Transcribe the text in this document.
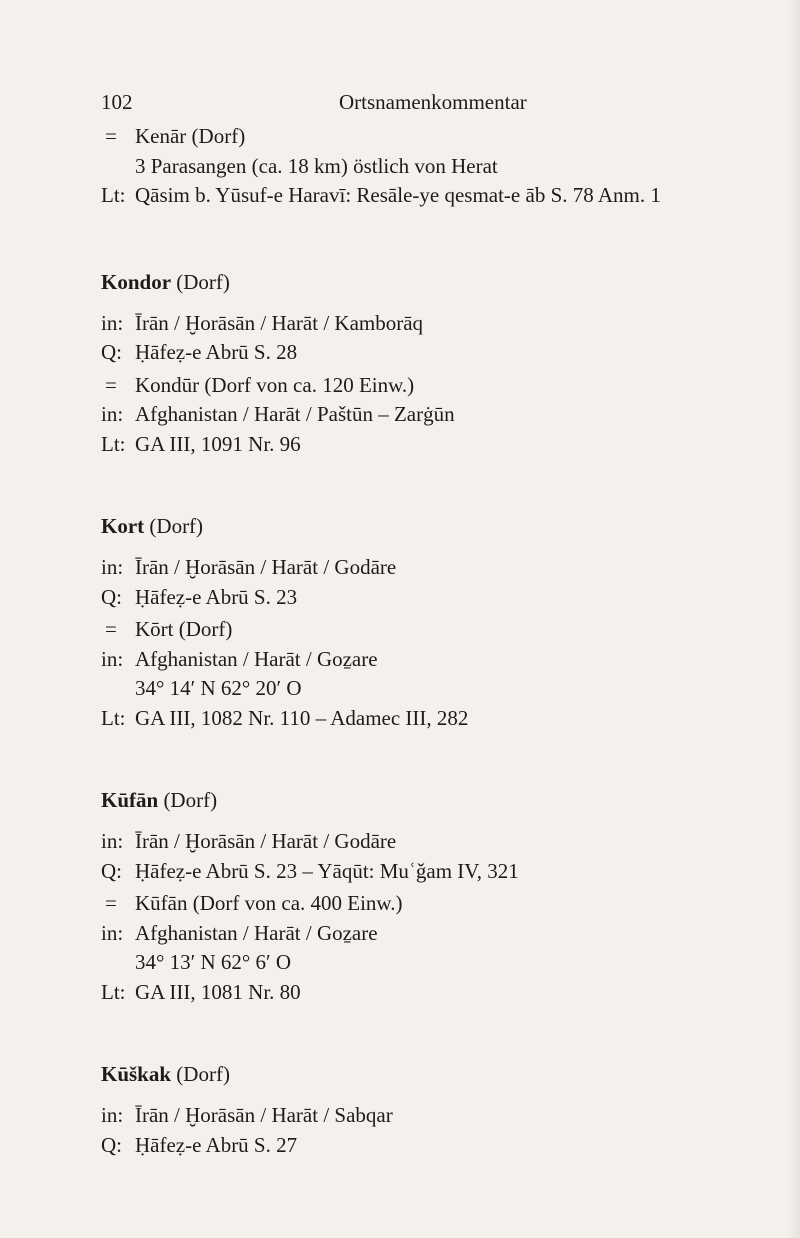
102	Ortsnamenkommentar
= Kenār (Dorf)
3 Parasangen (ca. 18 km) östlich von Herat
Lt: Qāsim b. Yūsuf-e Haravī: Resāle-ye qesmat-e āb S. 78 Anm. 1
Kondor (Dorf)
in: Īrān / Ḫorāsān / Harāt / Kamborāq
Q: Ḥāfeẓ-e Abrū S. 28
= Kondūr (Dorf von ca. 120 Einw.)
in: Afghanistan / Harāt / Paštūn – Zarġūn
Lt: GA III, 1091 Nr. 96
Kort (Dorf)
in: Īrān / Ḫorāsān / Harāt / Godāre
Q: Ḥāfeẓ-e Abrū S. 23
= Kōrt (Dorf)
in: Afghanistan / Harāt / Goẕare
34° 14′ N 62° 20′ O
Lt: GA III, 1082 Nr. 110 – Adamec III, 282
Kūfān (Dorf)
in: Īrān / Ḫorāsān / Harāt / Godāre
Q: Ḥāfeẓ-e Abrū S. 23 – Yāqūt: Muʿǧam IV, 321
= Kūfān (Dorf von ca. 400 Einw.)
in: Afghanistan / Harāt / Goẕare
34° 13′ N 62° 6′ O
Lt: GA III, 1081 Nr. 80
Kūškak (Dorf)
in: Īrān / Ḫorāsān / Harāt / Sabqar
Q: Ḥāfeẓ-e Abrū S. 27
